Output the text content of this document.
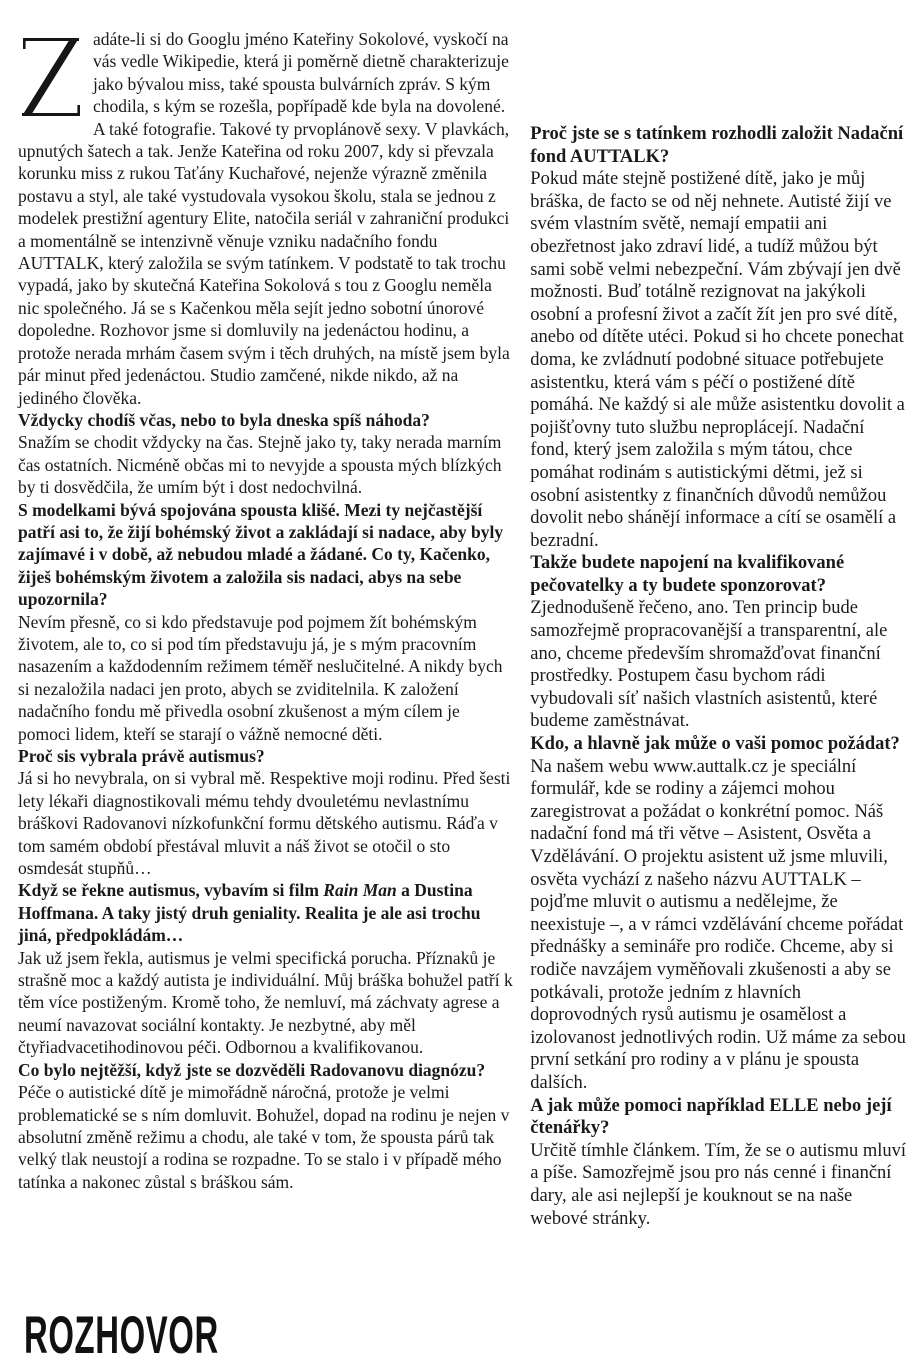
adáte-li si do Googlu jméno Kateřiny Sokolové, vyskočí na vás vedle Wikipedie, která ji poměrně dietně charakterizuje jako bývalou miss, také spousta bulvárních zpráv. S kým chodila, s kým se rozešla, popřípadě kde byla na dovolené. A také fotografie. Takové ty prvoplánově sexy. V plavkách, upnutých šatech a tak. Jenže Kateřina od roku 2007, kdy si převzala korunku miss z rukou Taťány Kuchařové, nejenže výrazně změnila postavu a styl, ale také vystudovala vysokou školu, stala se jednou z modelek prestižní agentury Elite, natočila seriál v zahraniční produkci a momentálně se intenzivně věnuje vzniku nadačního fondu AUTTALK, který založila se svým tatínkem. V podstatě to tak trochu vypadá, jako by skutečná Kateřina Sokolová s tou z Googlu neměla nic společného. Já se s Kačenkou měla sejít jedno sobotní únorové dopoledne. Rozhovor jsme si domluvily na jedenáctou hodinu, a protože nerada mrhám časem svým i těch druhých, na místě jsem byla pár minut před jedenáctou. Studio zamčené, nikde nikdo, až na jediného člověka.

Vždycky chodíš včas, nebo to byla dneska spíš náhoda?

Snažím se chodit vždycky na čas. Stejně jako ty, taky nerada marním čas ostatních. Nicméně občas mi to nevyjde a spousta mých blízkých by ti dosvědčila, že umím být i dost nedochvilná.

S modelkami bývá spojována spousta klišé. Mezi ty nejčastější patří asi to, že žijí bohémský život a zakládají si nadace, aby byly zajímavé i v době, až nebudou mladé a žádané. Co ty, Kačenko, žiješ bohémským životem a založila sis nadaci, abys na sebe upozornila?

Nevím přesně, co si kdo představuje pod pojmem žít bohémským životem, ale to, co si pod tím představuju já, je s mým pracovním nasazením a každodenním režimem téměř neslučitelné. A nikdy bych si nezaložila nadaci jen proto, abych se zviditelnila. K založení nadačního fondu mě přivedla osobní zkušenost a mým cílem je pomoci lidem, kteří se starají o vážně nemocné děti.

Proč sis vybrala právě autismus?

Já si ho nevybrala, on si vybral mě. Respektive moji rodinu. Před šesti lety lékaři diagnostikovali mému tehdy dvouletému nevlastnímu bráškovi Radovanovi nízkofunkční formu dětského autismu. Ráďa v tom samém období přestával mluvit a náš život se otočil o sto osmdesát stupňů…

Když se řekne autismus, vybavím si film Rain Man a Dustina Hoffmana. A taky jistý druh geniality. Realita je ale asi trochu jiná, předpokládám…

Jak už jsem řekla, autismus je velmi specifická porucha. Příznaků je strašně moc a každý autista je individuální. Můj bráška bohužel patří k těm více postiženým. Kromě toho, že nemluví, má záchvaty agrese a neumí navazovat sociální kontakty. Je nezbytné, aby měl čtyřiadvacetihodinovou péči. Odbornou a kvalifikovanou.

Co bylo nejtěžší, když jste se dozvěděli Radovanovu diagnózu?

Péče o autistické dítě je mimořádně náročná, protože je velmi problematické se s ním domluvit. Bohužel, dopad na rodinu je nejen v absolutní změně režimu a chodu, ale také v tom, že spousta párů tak velký tlak neustojí a rodina se rozpadne. To se stalo i v případě mého tatínka a nakonec zůstal s bráškou sám.

Proč jste se s tatínkem rozhodli založit Nadační fond AUTTALK?

Pokud máte stejně postižené dítě, jako je můj bráška, de facto se od něj nehnete. Autisté žijí ve svém vlastním světě, nemají empatii ani obezřetnost jako zdraví lidé, a tudíž můžou být sami sobě velmi nebezpeční. Vám zbývají jen dvě možnosti. Buď totálně rezignovat na jakýkoli osobní a profesní život a začít žít jen pro své dítě, anebo od dítěte utéci. Pokud si ho chcete ponechat doma, ke zvládnutí podobné situace potřebujete asistentku, která vám s péčí o postižené dítě pomáhá. Ne každý si ale může asistentku dovolit a pojišťovny tuto službu neproplácejí. Nadační fond, který jsem založila s mým tátou, chce pomáhat rodinám s autistickými dětmi, jež si osobní asistentky z finančních důvodů nemůžou dovolit nebo shánějí informace a cítí se osamělí a bezradní.

Takže budete napojení na kvalifikované pečovatelky a ty budete sponzorovat?

Zjednodušeně řečeno, ano. Ten princip bude samozřejmě propracovanější a transparentní, ale ano, chceme především shromažďovat finanční prostředky. Postupem času bychom rádi vybudovali síť našich vlastních asistentů, které budeme zaměstnávat.

Kdo, a hlavně jak může o vaši pomoc požádat?

Na našem webu www.auttalk.cz je speciální formulář, kde se rodiny a zájemci mohou zaregistrovat a požádat o konkrétní pomoc. Náš nadační fond má tři větve – Asistent, Osvěta a Vzdělávání. O projektu asistent už jsme mluvili, osvěta vychází z našeho názvu AUTTALK – pojďme mluvit o autismu a nedělejme, že neexistuje –, a v rámci vzdělávání chceme pořádat přednášky a semináře pro rodiče. Chceme, aby si rodiče navzájem vyměňovali zkušenosti a aby se potkávali, protože jedním z hlavních doprovodných rysů autismu je osamělost a izolovanost jednotlivých rodin. Už máme za sebou první setkání pro rodiny a v plánu je spousta dalších.

A jak může pomoci například ELLE nebo její čtenářky?

Určitě tímhle článkem. Tím, že se o autismu mluví a píše. Samozřejmě jsou pro nás cenné i finanční dary, ale asi nejlepší je kouknout se na naše webové stránky.

ROZHOVOR
